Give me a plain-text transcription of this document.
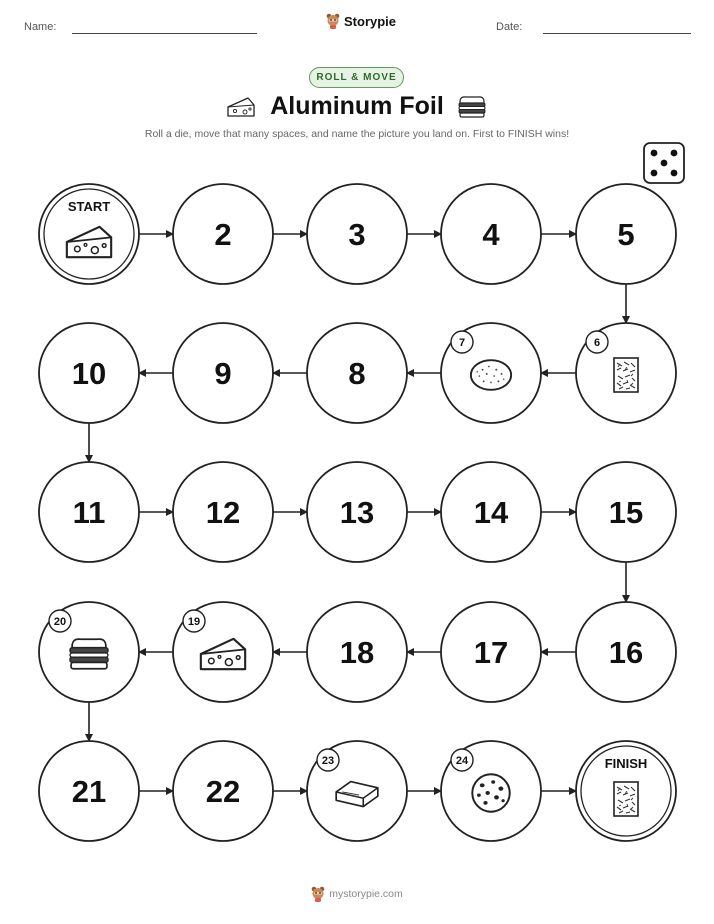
Name:	Storypie	Date:
ROLL & MOVE
Aluminum Foil
Roll a die, move that many spaces, and name the picture you land on. First to FINISH wins!
START
2	3	4	5
6
7
8
9
10
11	12	13	14	15
16
17
18
19
20
21	22
23	24	FINISH
mystorypie.com
